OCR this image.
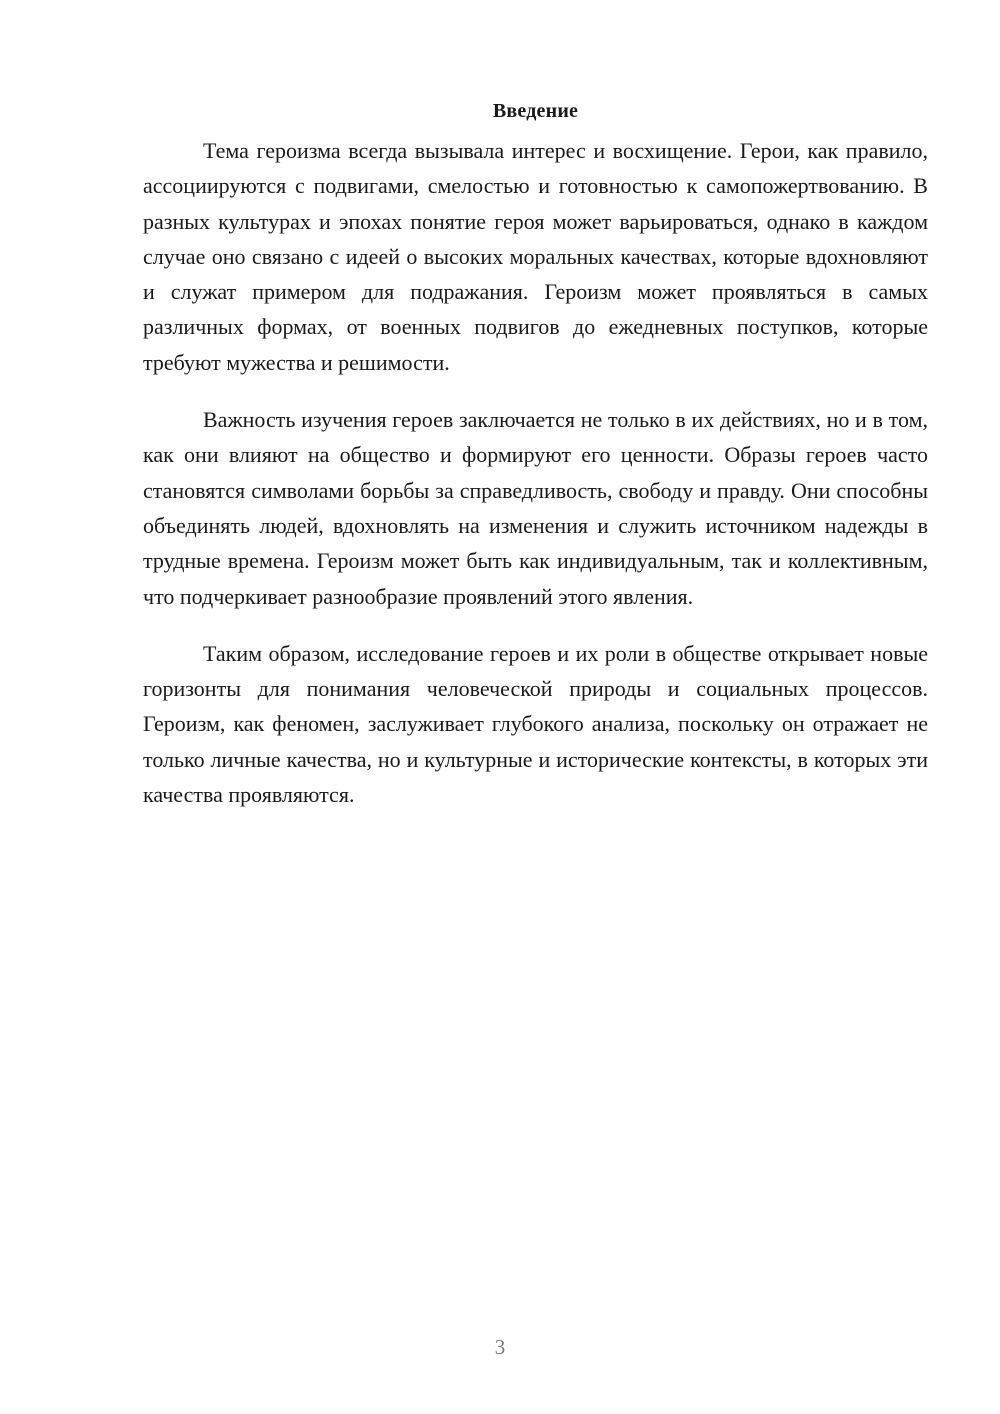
Введение

Тема героизма всегда вызывала интерес и восхищение. Герои, как правило, ассоциируются с подвигами, смелостью и готовностью к самопожертвованию. В разных культурах и эпохах понятие героя может варьироваться, однако в каждом случае оно связано с идеей о высоких моральных качествах, которые вдохновляют и служат примером для подражания. Героизм может проявляться в самых различных формах, от военных подвигов до ежедневных поступков, которые требуют мужества и решимости.

Важность изучения героев заключается не только в их действиях, но и в том, как они влияют на общество и формируют его ценности. Образы героев часто становятся символами борьбы за справедливость, свободу и правду. Они способны объединять людей, вдохновлять на изменения и служить источником надежды в трудные времена. Героизм может быть как индивидуальным, так и коллективным, что подчеркивает разнообразие проявлений этого явления.

Таким образом, исследование героев и их роли в обществе открывает новые горизонты для понимания человеческой природы и социальных процессов. Героизм, как феномен, заслуживает глубокого анализа, поскольку он отражает не только личные качества, но и культурные и исторические контексты, в которых эти качества проявляются.

3
